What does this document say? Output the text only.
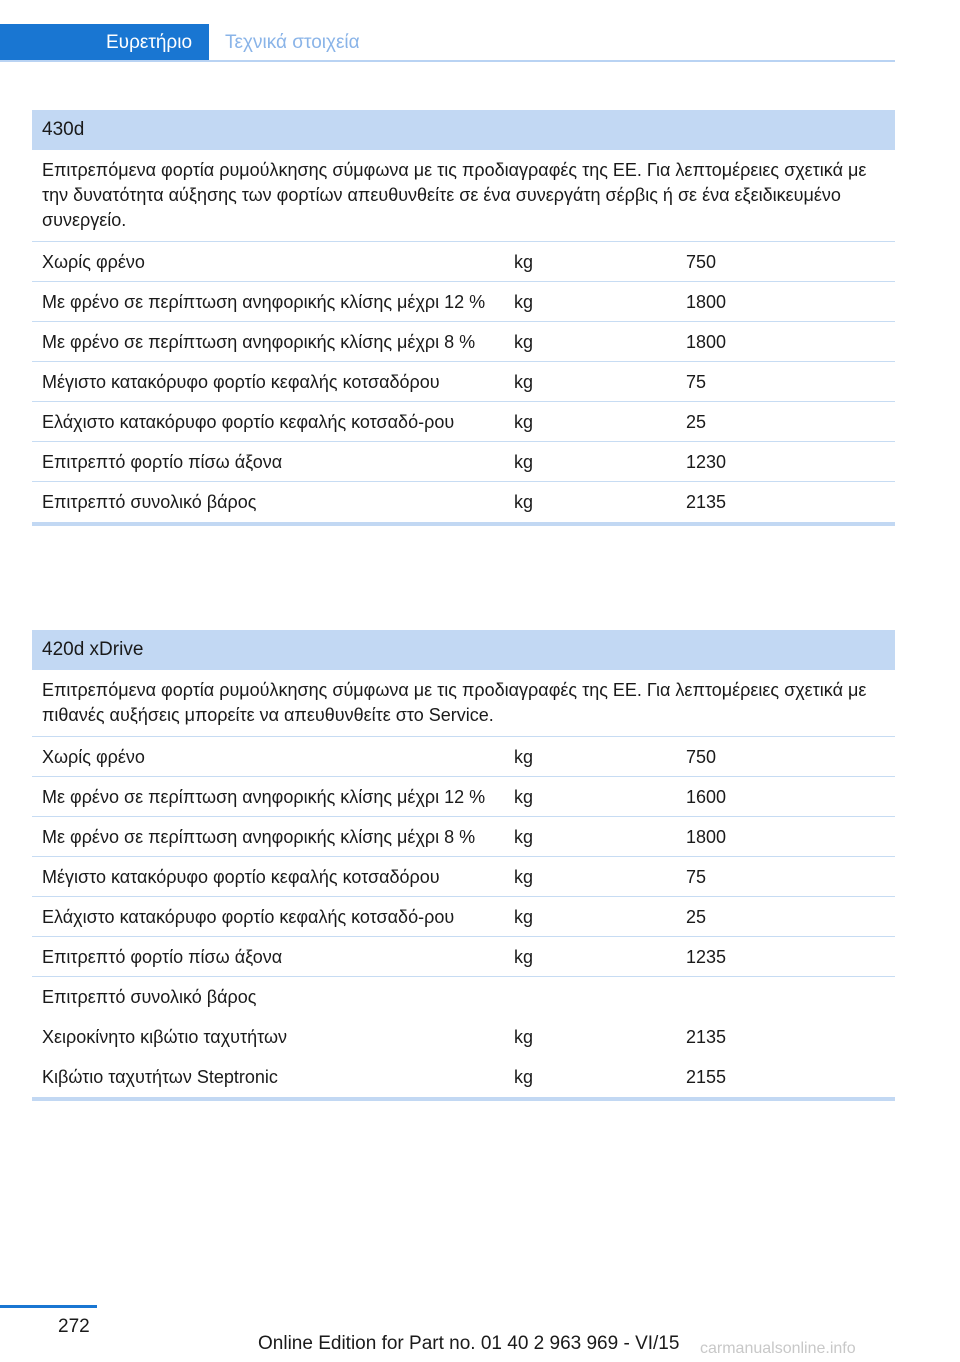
Ευρετήριο	Τεχνικά στοιχεία
430d
Επιτρεπόμενα φορτία ρυμούλκησης σύμφωνα με τις προδιαγραφές της ΕΕ. Για λεπτομέρειες σχετικά με την δυνατότητα αύξησης των φορτίων απευθυνθείτε σε ένα συνεργάτη σέρβις ή σε ένα εξειδικευμένο συνεργείο.
Χωρίς φρένο	kg	750
Με φρένο σε περίπτωση ανηφορικής κλίσης μέχρι 12 %	kg	1800
Με φρένο σε περίπτωση ανηφορικής κλίσης μέχρι 8 %	kg	1800
Μέγιστο κατακόρυφο φορτίο κεφαλής κοτσαδόρου	kg	75
Ελάχιστο κατακόρυφο φορτίο κεφαλής κοτσαδό-ρου	kg	25
Επιτρεπτό φορτίο πίσω άξονα	kg	1230
Επιτρεπτό συνολικό βάρος	kg	2135
420d xDrive
Επιτρεπόμενα φορτία ρυμούλκησης σύμφωνα με τις προδιαγραφές της ΕΕ. Για λεπτομέρειες σχετικά με πιθανές αυξήσεις μπορείτε να απευθυνθείτε στο Service.
Χωρίς φρένο	kg	750
Με φρένο σε περίπτωση ανηφορικής κλίσης μέχρι 12 %	kg	1600
Με φρένο σε περίπτωση ανηφορικής κλίσης μέχρι 8 %	kg	1800
Μέγιστο κατακόρυφο φορτίο κεφαλής κοτσαδόρου	kg	75
Ελάχιστο κατακόρυφο φορτίο κεφαλής κοτσαδό-ρου	kg	25
Επιτρεπτό φορτίο πίσω άξονα	kg	1235
Επιτρεπτό συνολικό βάρος
Χειροκίνητο κιβώτιο ταχυτήτων	kg	2135
Κιβώτιο ταχυτήτων Steptronic	kg	2155
272
Online Edition for Part no. 01 40 2 963 969 - VI/15 carmanualsonline.info
